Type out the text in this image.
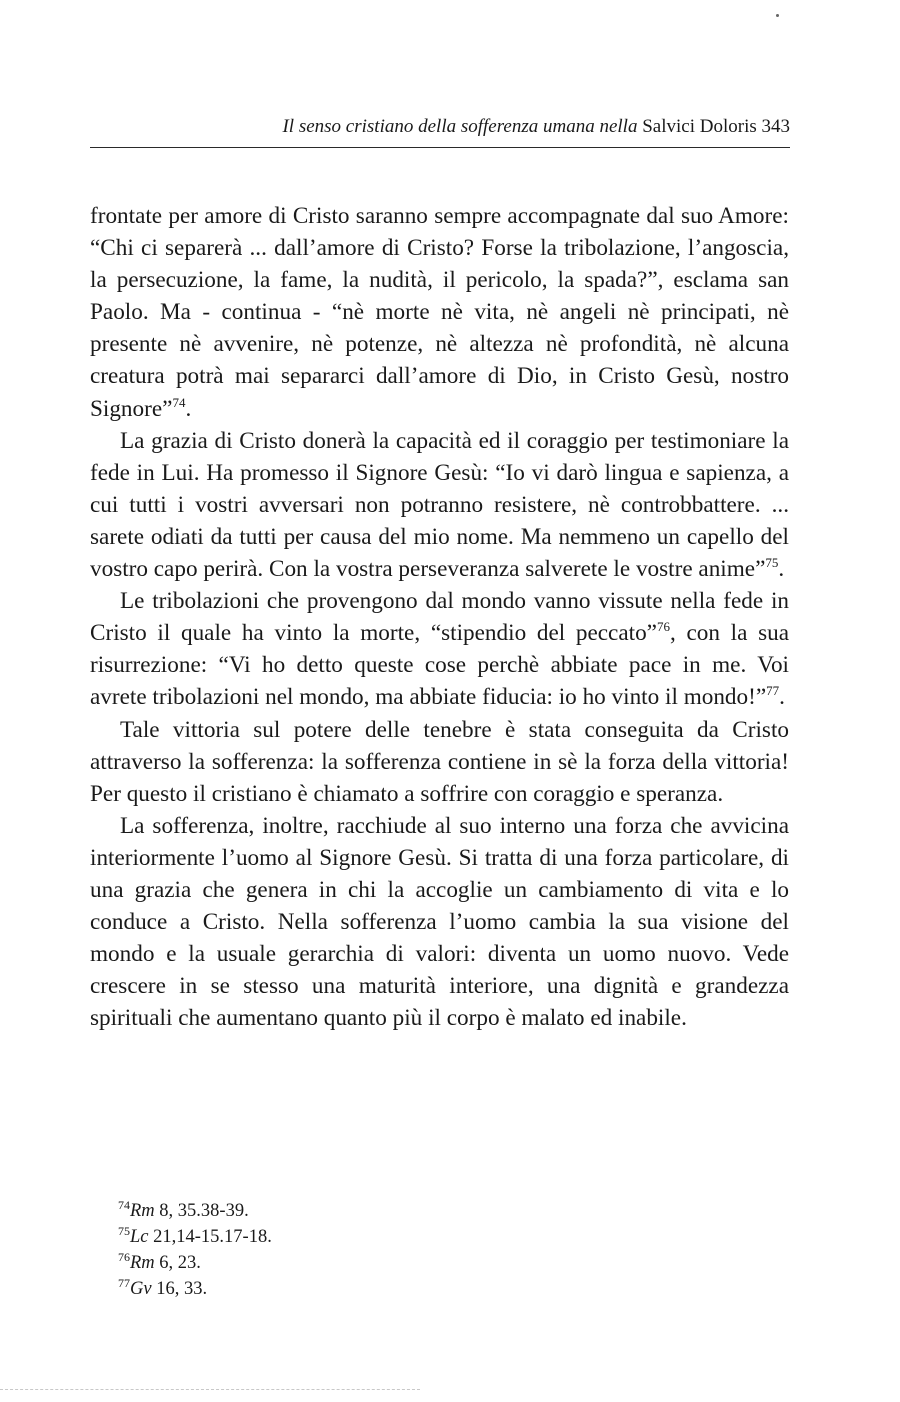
Il senso cristiano della sofferenza umana nella Salvici Doloris 343

frontate per amore di Cristo saranno sempre accompagnate dal suo Amore: “Chi ci separerà ... dall’amore di Cristo? Forse la tribolazione, l’angoscia, la persecuzione, la fame, la nudità, il pericolo, la spada?”, esclama san Paolo. Ma - continua - “nè morte nè vita, nè angeli nè principati, nè presente nè avvenire, nè potenze, nè altezza nè profondità, nè alcuna creatura potrà mai separarci dall’amore di Dio, in Cristo Gesù, nostro Signore”$^{74}$.

La grazia di Cristo donerà la capacità ed il coraggio per testimoniare la fede in Lui. Ha promesso il Signore Gesù: “Io vi darò lingua e sapienza, a cui tutti i vostri avversari non potranno resistere, nè controbbattere. ... sarete odiati da tutti per causa del mio nome. Ma nemmeno un capello del vostro capo perirà. Con la vostra perseveranza salverete le vostre anime”$^{75}$.

Le tribolazioni che provengono dal mondo vanno vissute nella fede in Cristo il quale ha vinto la morte, “stipendio del peccato”$^{76}$, con la sua risurrezione: “Vi ho detto queste cose perchè abbiate pace in me. Voi avrete tribolazioni nel mondo, ma abbiate fiducia: io ho vinto il mondo!”$^{77}$.

Tale vittoria sul potere delle tenebre è stata conseguita da Cristo attraverso la sofferenza: la sofferenza contiene in sè la forza della vittoria! Per questo il cristiano è chiamato a soffrire con coraggio e speranza.

La sofferenza, inoltre, racchiude al suo interno una forza che avvicina interiormente l’uomo al Signore Gesù. Si tratta di una forza particolare, di una grazia che genera in chi la accoglie un cambiamento di vita e lo conduce a Cristo. Nella sofferenza l’uomo cambia la sua visione del mondo e la usuale gerarchia di valori: diventa un uomo nuovo. Vede crescere in se stesso una maturità interiore, una dignità e grandezza spirituali che aumentano quanto più il corpo è malato ed inabile.

$^{74}$Rm 8, 35.38-39.
$^{75}$Lc 21,14-15.17-18.
$^{76}$Rm 6, 23.
$^{77}$Gv 16, 33.
